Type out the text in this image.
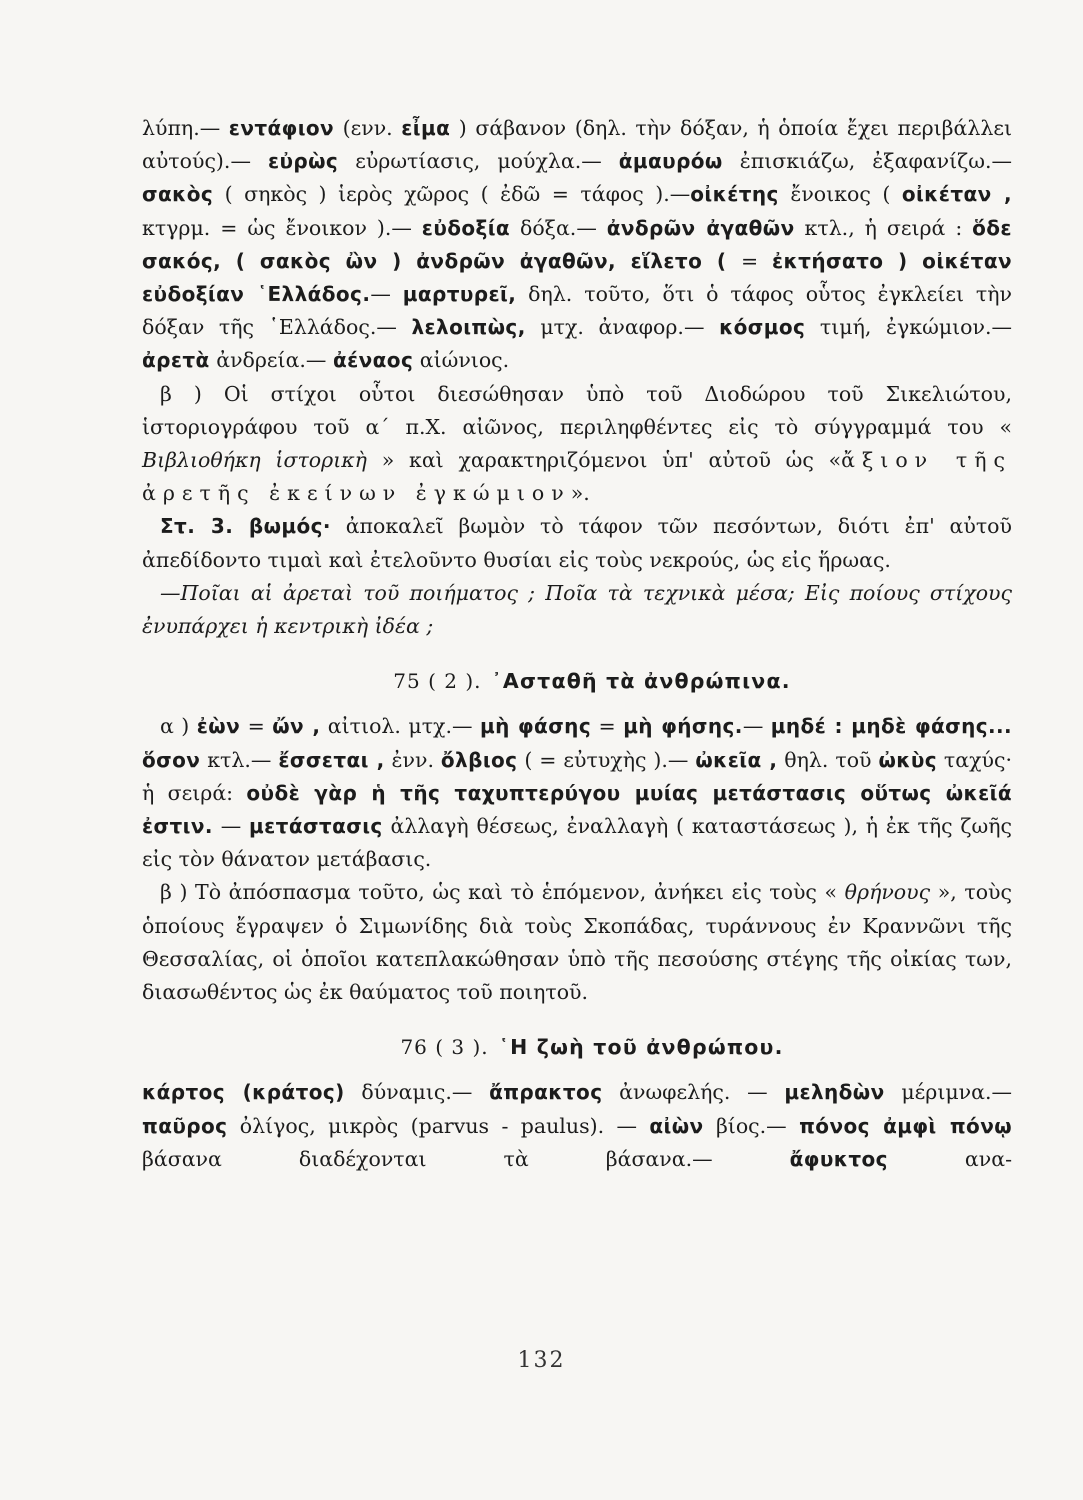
λύπη.— εντάφιον (ενν. εἶμα ) σάβανον (δηλ. τὴν δόξαν, ἡ ὁποία ἔχει περιβάλλει αὐτούς).— εὐρὼς εὐρωτίασις, μούχλα.— ἀμαυρόω ἐπισκιάζω, ἐξαφανίζω.—σακὸς ( σηκὸς ) ἱερὸς χῶρος ( ἐδῶ = τάφος ).—οἰκέτης ἔνοικος ( οἰκέταν , κτγρμ. = ὡς ἔνοικον ).— εὐδοξία δόξα.— ἀνδρῶν ἀγαθῶν κτλ., ἡ σειρά : ὅδε σακός, ( σακὸς ὢν ) ἀνδρῶν ἀγαθῶν, εἵλετο ( = ἐκτήσατο ) οἰκέταν εὐδοξίαν ῾Ελλάδος.— μαρτυρεῖ, δηλ. τοῦτο, ὅτι ὁ τάφος οὗτος ἐγκλείει τὴν δόξαν τῆς ῾Ελλάδος.— λελοιπὼς, μτχ. ἀναφορ.— κόσμος τιμή, ἐγκώμιον.— ἀρετὰ ἀνδρεία.— ἀέναος αἰώνιος.

β ) Οἱ στίχοι οὗτοι διεσώθησαν ὑπὸ τοῦ Διοδώρου τοῦ Σικελιώτου, ἱστοριογράφου τοῦ α΄ π.Χ. αἰῶνος, περιληφθέντες εἰς τὸ σύγγραμμά του « Βιβλιοθήκη ἱστορικὴ » καὶ χαρακτηριζόμενοι ὑπ' αὐτοῦ ὡς «ἄξιον τῆς ἀρετῆς ἐκείνων ἐγκώμιον».

Στ. 3. βωμός· ἀποκαλεῖ βωμὸν τὸ τάφον τῶν πεσόντων, διότι ἐπ' αὐτοῦ ἀπεδίδοντο τιμαὶ καὶ ἐτελοῦντο θυσίαι εἰς τοὺς νεκρούς, ὡς εἰς ἥρωας.

—Ποῖαι αἱ ἀρεταὶ τοῦ ποιήματος ; Ποῖα τὰ τεχνικὰ μέσα; Εἰς ποίους στίχους ἐνυπάρχει ἡ κεντρικὴ ἰδέα ;

75 ( 2 ). ᾿Ασταθῆ τὰ ἀνθρώπινα.

α ) ἐὼν = ὤν , αἰτιολ. μτχ.— μὴ φάσης = μὴ φήσης.— μηδέ : μηδὲ φάσης... ὅσον κτλ.— ἔσσεται , ἐνν. ὄλβιος ( = εὐτυχὴς ).— ὠκεῖα , θηλ. τοῦ ὠκὺς ταχύς· ἡ σειρά: οὐδὲ γὰρ ἡ τῆς ταχυπτερύγου μυίας μετάστασις οὕτως ὠκεῖά ἐστιν. — μετάστασις ἀλλαγὴ θέσεως, ἐναλλαγὴ ( καταστάσεως ), ἡ ἐκ τῆς ζωῆς εἰς τὸν θάνατον μετάβασις.

β ) Τὸ ἀπόσπασμα τοῦτο, ὡς καὶ τὸ ἑπόμενον, ἀνήκει εἰς τοὺς « θρήνους », τοὺς ὁποίους ἔγραψεν ὁ Σιμωνίδης διὰ τοὺς Σκοπάδας, τυράννους ἐν Κραννῶνι τῆς Θεσσαλίας, οἱ ὁποῖοι κατεπλακώθησαν ὑπὸ τῆς πεσούσης στέγης τῆς οἰκίας των, διασωθέντος ὡς ἐκ θαύματος τοῦ ποιητοῦ.

76 ( 3 ). ῾Η ζωὴ τοῦ ἀνθρώπου.

κάρτος (κράτος) δύναμις.— ἄπρακτος ἀνωφελής. — μεληδὼν μέριμνα.— παῦρος ὀλίγος, μικρὸς (parvus - paulus). — αἰὼν βίος.— πόνος ἀμφὶ πόνῳ βάσανα διαδέχονται τὰ βάσανα.— ἄφυκτος ανα-

132
